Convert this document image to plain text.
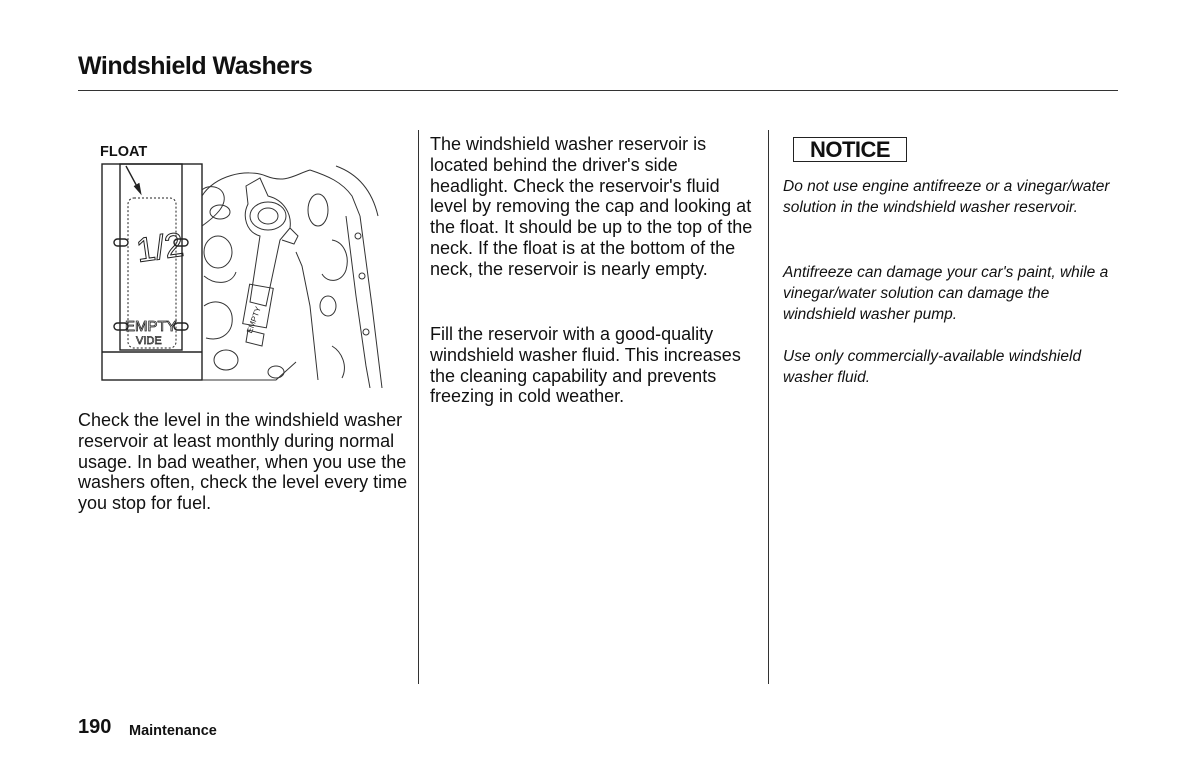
Windshield Washers
FLOAT
1/2
EMPTY
VIDE
EMPTY

Check the level in the windshield washer reservoir at least monthly during normal usage. In bad weather, when you use the washers often, check the level every time you stop for fuel.

The windshield washer reservoir is located behind the driver's side headlight. Check the reservoir's fluid level by removing the cap and looking at the float. It should be up to the top of the neck. If the float is at the bottom of the neck, the reservoir is nearly empty.

Fill the reservoir with a good-quality windshield washer fluid. This increases the cleaning capability and prevents freezing in cold weather.

NOTICE

Do not use engine antifreeze or a vinegar/water solution in the windshield washer reservoir.

Antifreeze can damage your car's paint, while a vinegar/water solution can damage the windshield washer pump.

Use only commercially-available windshield washer fluid.

190 Maintenance
